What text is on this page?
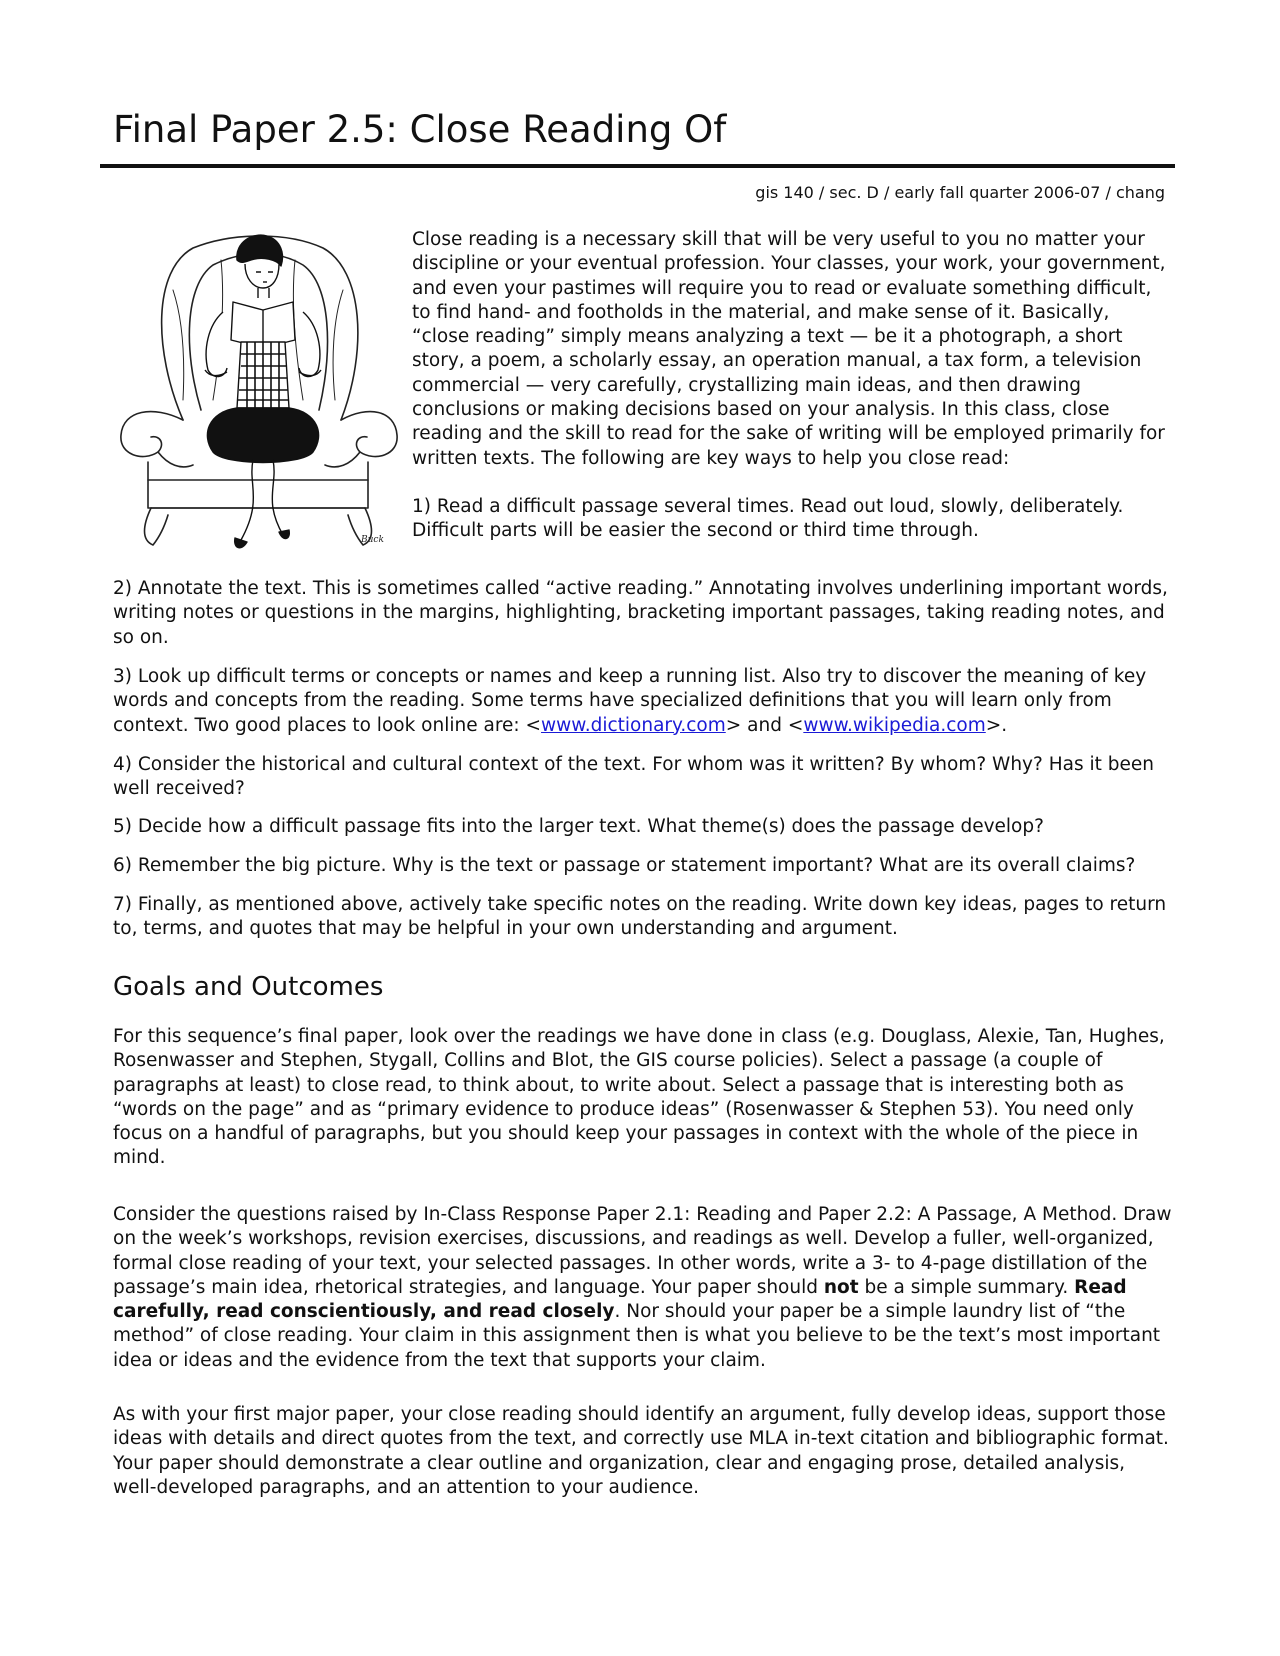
Final Paper 2.5: Close Reading Of
gis 140 / sec. D / early fall quarter 2006-07 / chang
Buck

Close reading is a necessary skill that will be very useful to you no matter your discipline or your eventual profession. Your classes, your work, your government, and even your pastimes will require you to read or evaluate something difficult, to find hand- and footholds in the material, and make sense of it. Basically, “close reading” simply means analyzing a text — be it a photograph, a short story, a poem, a scholarly essay, an operation manual, a tax form, a television commercial — very carefully, crystallizing main ideas, and then drawing conclusions or making decisions based on your analysis. In this class, close reading and the skill to read for the sake of writing will be employed primarily for written texts. The following are key ways to help you close read:

1) Read a difficult passage several times. Read out loud, slowly, deliberately. Difficult parts will be easier the second or third time through.

2) Annotate the text. This is sometimes called “active reading.” Annotating involves underlining important words, writing notes or questions in the margins, highlighting, bracketing important passages, taking reading notes, and so on.

3) Look up difficult terms or concepts or names and keep a running list. Also try to discover the meaning of key words and concepts from the reading. Some terms have specialized definitions that you will learn only from context. Two good places to look online are: <www.dictionary.com> and <www.wikipedia.com>.

4) Consider the historical and cultural context of the text. For whom was it written? By whom? Why? Has it been well received?

5) Decide how a difficult passage fits into the larger text. What theme(s) does the passage develop?

6) Remember the big picture. Why is the text or passage or statement important? What are its overall claims?

7) Finally, as mentioned above, actively take specific notes on the reading. Write down key ideas, pages to return to, terms, and quotes that may be helpful in your own understanding and argument.

Goals and Outcomes

For this sequence’s final paper, look over the readings we have done in class (e.g. Douglass, Alexie, Tan, Hughes, Rosenwasser and Stephen, Stygall, Collins and Blot, the GIS course policies). Select a passage (a couple of paragraphs at least) to close read, to think about, to write about. Select a passage that is interesting both as “words on the page” and as “primary evidence to produce ideas” (Rosenwasser & Stephen 53). You need only focus on a handful of paragraphs, but you should keep your passages in context with the whole of the piece in mind.

Consider the questions raised by In-Class Response Paper 2.1: Reading and Paper 2.2: A Passage, A Method. Draw on the week’s workshops, revision exercises, discussions, and readings as well. Develop a fuller, well-organized, formal close reading of your text, your selected passages. In other words, write a 3- to 4-page distillation of the passage’s main idea, rhetorical strategies, and language. Your paper should not be a simple summary. Read carefully, read conscientiously, and read closely. Nor should your paper be a simple laundry list of “the method” of close reading. Your claim in this assignment then is what you believe to be the text’s most important idea or ideas and the evidence from the text that supports your claim.

As with your first major paper, your close reading should identify an argument, fully develop ideas, support those ideas with details and direct quotes from the text, and correctly use MLA in-text citation and bibliographic format. Your paper should demonstrate a clear outline and organization, clear and engaging prose, detailed analysis, well-developed paragraphs, and an attention to your audience.
